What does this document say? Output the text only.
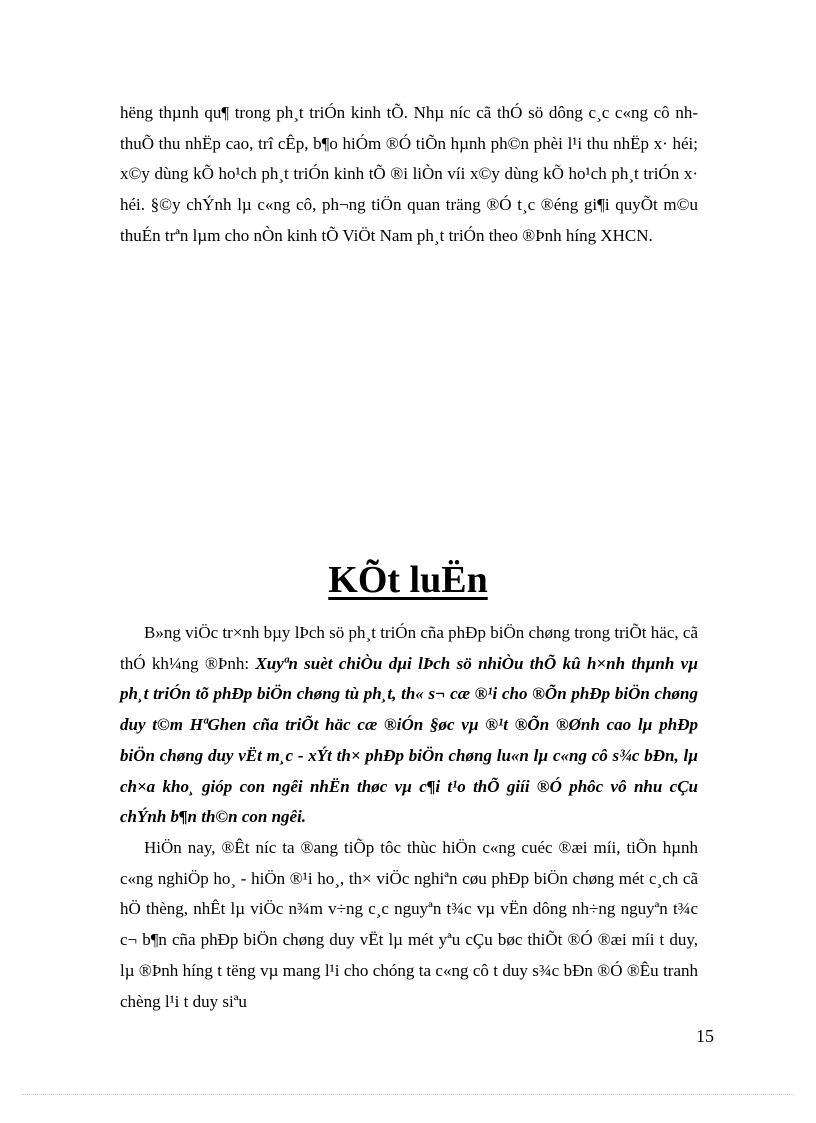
hëng thµnh qu¶ trong ph¸t triÓn kinh tÕ. Nhµ níc cã thÓ sö dông c¸c c«ng cô nh thuÕ thu nhËp cao, trî cÊp, b¶o hiÓm ®Ó tiÕn hµnh ph©n phèi l¹i thu nhËp x· héi; x©y dùng kÕ ho¹ch ph¸t triÓn kinh tÕ ®i liÒn víi x©y dùng kÕ ho¹ch ph¸t triÓn x· héi. §©y chÝnh lµ c«ng cô, ph¬ng tiÖn quan träng ®Ó t¸c ®éng gi¶i quyÕt m©u thuÉn trªn lµm cho nÒn kinh tÕ ViÖt Nam ph¸t triÓn theo ®Þnh híng XHCN.

KÕt luËn

B»ng viÖc tr×nh bµy lÞch sö ph¸t triÓn cña phÐp biÖn chøng trong triÕt häc, cã thÓ kh¼ng ®Þnh: Xuyªn suèt chiÒu dµi lÞch sö nhiÒu thÕ kû h×nh thµnh vµ ph¸t triÓn tõ phÐp biÖn chøng tù ph¸t, th« s¬ cæ ®¹i cho ®Õn phÐp biÖn chøng duy t©m HªGhen cña triÕt häc cæ ®iÓn §øc vµ ®¹t ®Õn ®Ønh cao lµ phÐp biÖn chøng duy vËt m¸c - xÝt th× phÐp biÖn chøng lu«n lµ c«ng cô s¾c bÐn, lµ ch×a kho¸ gióp con ngêi nhËn thøc vµ c¶i t¹o thÕ giíi ®Ó phôc vô nhu cÇu chÝnh b¶n th©n con ngêi.

HiÖn nay, ®Êt níc ta ®ang tiÕp tôc thùc hiÖn c«ng cuéc ®æi míi, tiÕn hµnh c«ng nghiÖp ho¸ - hiÖn ®¹i ho¸, th× viÖc nghiªn cøu phÐp biÖn chøng mét c¸ch cã hÖ thèng, nhÊt lµ viÖc n¾m v÷ng c¸c nguyªn t¾c vµ vËn dông nh÷ng nguyªn t¾c c¬ b¶n cña phÐp biÖn chøng duy vËt lµ mét yªu cÇu bøc thiÕt ®Ó ®æi míi t duy, lµ ®Þnh híng t tëng vµ mang l¹i cho chóng ta c«ng cô t duy s¾c bÐn ®Ó ®Êu tranh chèng l¹i t duy siªu

15
